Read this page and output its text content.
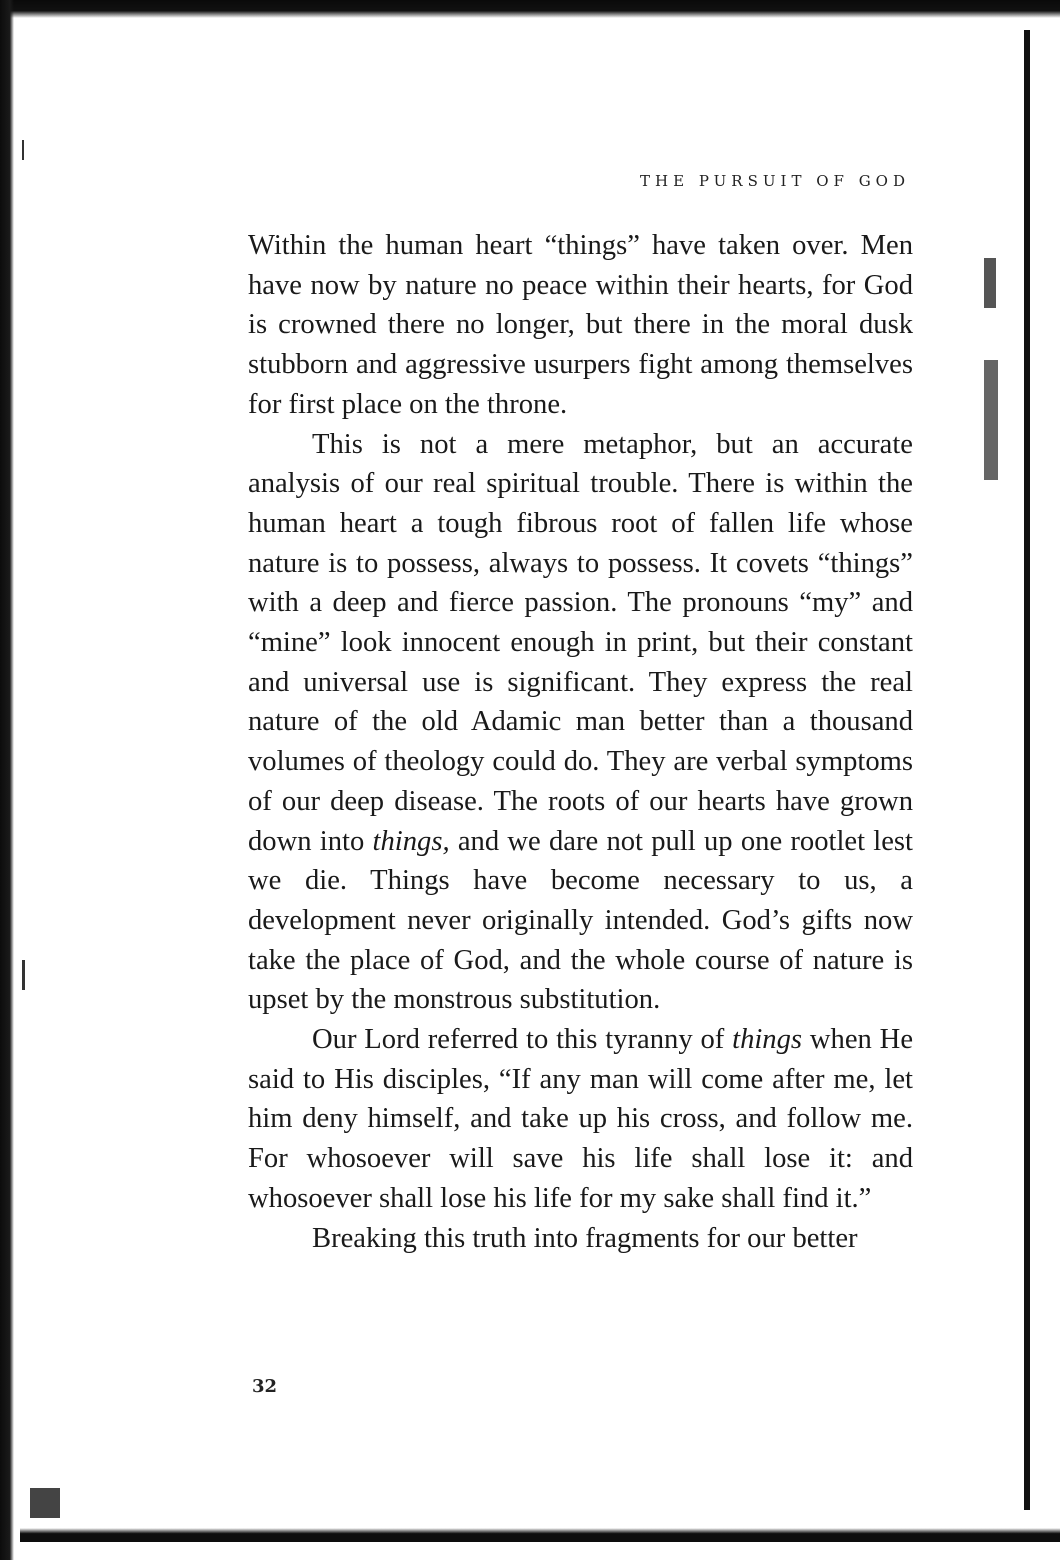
THE PURSUIT OF GOD

Within the human heart “things” have taken over. Men have now by nature no peace within their hearts, for God is crowned there no longer, but there in the moral dusk stubborn and aggressive usurpers fight among themselves for first place on the throne.

This is not a mere metaphor, but an accurate analysis of our real spiritual trouble. There is within the human heart a tough fibrous root of fallen life whose nature is to possess, always to possess. It covets “things” with a deep and fierce passion. The pronouns “my” and “mine” look innocent enough in print, but their constant and universal use is significant. They express the real nature of the old Adamic man better than a thousand volumes of theology could do. They are verbal symptoms of our deep disease. The roots of our hearts have grown down into things, and we dare not pull up one rootlet lest we die. Things have become necessary to us, a development never originally intended. God’s gifts now take the place of God, and the whole course of nature is upset by the monstrous substitution.

Our Lord referred to this tyranny of things when He said to His disciples, “If any man will come after me, let him deny himself, and take up his cross, and follow me. For whosoever will save his life shall lose it: and whosoever shall lose his life for my sake shall find it.”

Breaking this truth into fragments for our better

32
